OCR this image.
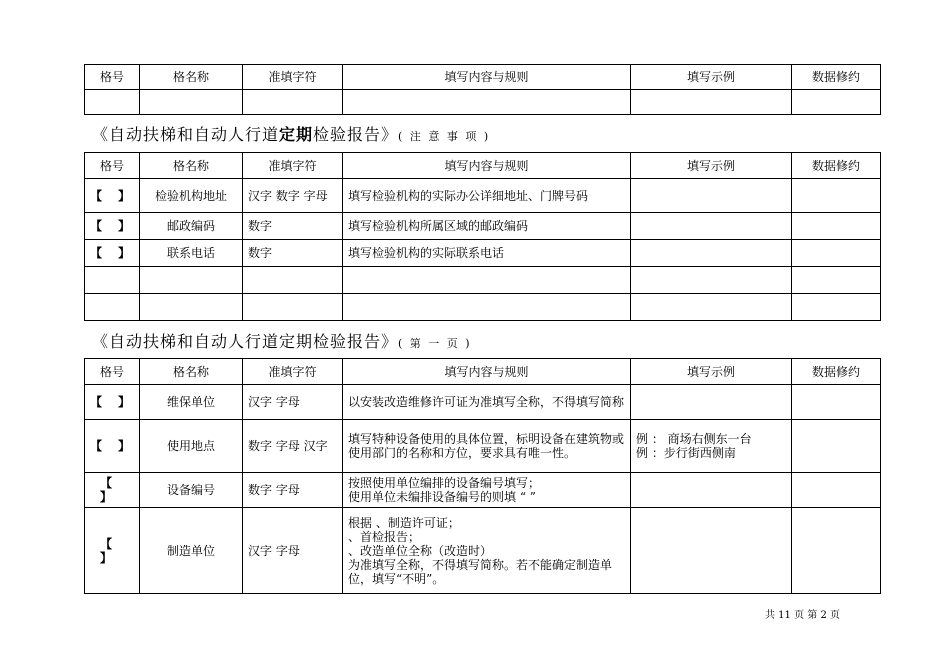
格号	格名称	准填字符	填写内容与规则	填写示例	数据修约

《自动扶梯和自动人行道定期检验报告》( 注 意 事 项 )
格号	格名称	准填字符	填写内容与规则	填写示例	数据修约
【 】	检验机构地址	汉字 数字 字母	填写检验机构的实际办公详细地址、门牌号码		
【 】	邮政编码	数字	填写检验机构所属区域的邮政编码		
【 】	联系电话	数字	填写检验机构的实际联系电话		

《自动扶梯和自动人行道定期检验报告》( 第 一 页 )
格号	格名称	准填字符	填写内容与规则	填写示例	数据修约
【 】	维保单位	汉字 字母	以安装改造维修许可证为准填写全称，不得填写简称		
【 】	使用地点	数字 字母 汉字	填写特种设备使用的具体位置，标明设备在建筑物或使用部门的名称和方位，要求具有唯一性。	例 ： 商场右侧东一台
例 ：步行街西侧南	

【 】	设备编号	数字 字母	按照使用单位编排的设备编号填写；
使用单位未编排设备编号的则填 “ ”		

【 】	制造单位	汉字 字母	根据 、制造许可证；
、首检报告；
、改造单位全称（改造时）
为准填写全称，不得填写简称。若不能确定制造单位，填写“不明”。		

共 11 页 第 2 页
